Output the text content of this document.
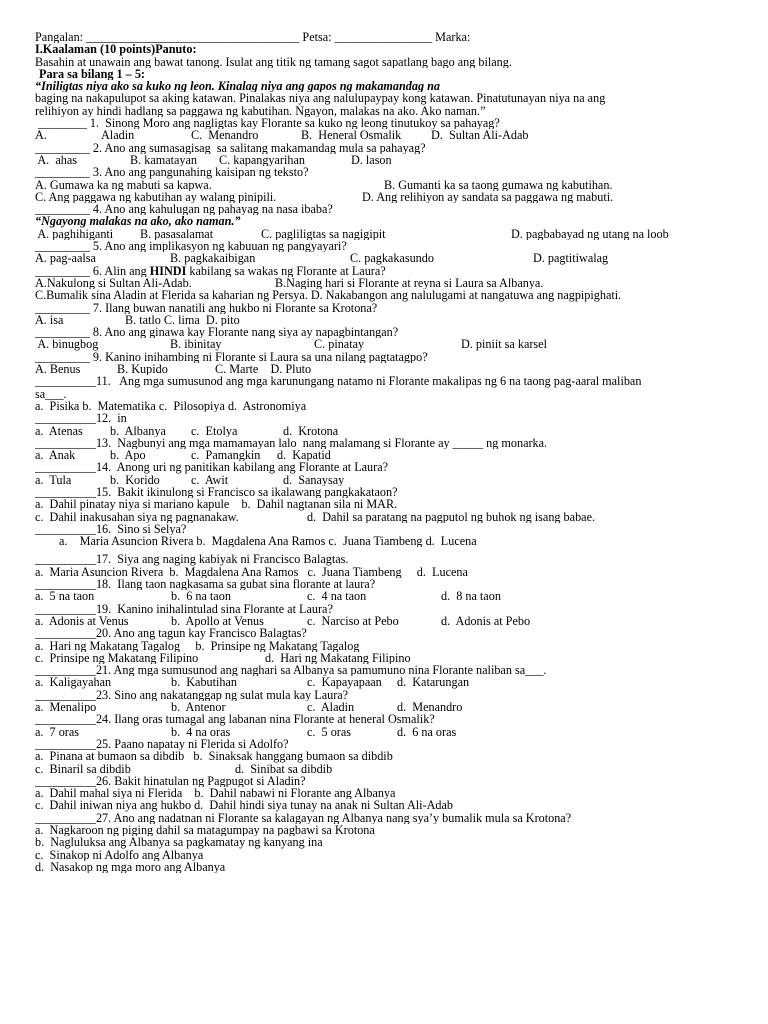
Pangalan: ___________________________________ Petsa: ________________ Marka:
I.Kaalaman (10 points)Panuto:
Basahin at unawain ang bawat tanong. Isulat ang titik ng tamang sagot sapatlang bago ang bilang.
Para sa bilang 1 – 5:
“Iniligtas niya ako sa kuko ng leon. Kinalag niya ang gapos ng makamandag na
baging na nakapulupot sa aking katawan. Pinalakas niya ang nalulupaypay kong katawan. Pinatutunayan niya na ang
relihiyon ay hindi hadlang sa paggawa ng kabutihan. Ngayon, malakas na ako. Ako naman.”
________ 1.  Sinong Moro ang nagligtas kay Florante sa kuko ng leong tinutukoy sa pahayag?
A.	Aladin	C.  Menandro	B.  Heneral Osmalik	D.  Sultan Ali-Adab
_________ 2. Ano ang sumasagisag  sa salitang makamandag mula sa pahayag?
A.  ahas	B. kamatayan	C. kapangyarihan	D. lason
_________ 3. Ano ang pangunahing kaisipan ng teksto?
A. Gumawa ka ng mabuti sa kapwa.	B. Gumanti ka sa taong gumawa ng kabutihan.
C. Ang paggawa ng kabutihan ay walang pinipili.	D. Ang relihiyon ay sandata sa paggawa ng mabuti.
_________ 4. Ano ang kahulugan ng pahayag na nasa ibaba?
“Ngayong malakas na ako, ako naman.”
A. paghihiganti	B. pasasalamat	C. pagliligtas sa nagigipit	D. pagbabayad ng utang na loob
_________ 5. Ano ang implikasyon ng kabuuan ng pangyayari?
A. pag-aalsa	B. pagkakaibigan	C. pagkakasundo	D. pagtitiwalag
_________ 6. Alin ang HINDI kabilang sa wakas ng Florante at Laura?
A.Nakulong si Sultan Ali-Adab.	B.Naging hari si Florante at reyna si Laura sa Albanya.
C.Bumalik sina Aladin at Flerida sa kaharian ng Persya. D. Nakabangon ang nalulugami at nangatuwa ang nagpipighati.
_________ 7. Ilang buwan nanatili ang hukbo ni Florante sa Krotona?
A. isa	B. tatlo C. lima  D. pito
_________ 8. Ano ang ginawa kay Florante nang siya ay napagbintangan?
A. binugbog	B. ibinitay	C. pinatay	D. piniit sa karsel
_________ 9. Kanino inihambing ni Florante si Laura sa una nilang pagtatagpo?
A. Benus	B. Kupido	C. Marte    D. Pluto
__________11.   Ang mga sumusunod ang mga karunungang natamo ni Florante makalipas ng 6 na taong pag-aaral maliban
sa___.
a.  Pisika b.  Matematika c.  Pilosopiya d.  Astronomiya
__________12.  in
a.  Atenas	b.  Albanya	c.  Etolya	d.  Krotona
__________13.  Nagbunyi ang mga mamamayan lalo  nang malamang si Florante ay _____ ng monarka.
a.  Anak	b.  Apo	c.  Pamangkin	d.  Kapatid
__________14.  Anong uri ng panitikan kabilang ang Florante at Laura?
a.  Tula	b.  Korido	c.  Awit	d.  Sanaysay
__________15.  Bakit ikinulong si Francisco sa ikalawang pangkakataon?
a.  Dahil pinatay niya si mariano kapule    b.  Dahil nagtanan sila ni MAR.
c.  Dahil inakusahan siya ng pagnanakaw.	d.  Dahil sa paratang na pagputol ng buhok ng isang babae.
__________16.  Sino si Selya?
a.    Maria Asuncion Rivera b.  Magdalena Ana Ramos c.  Juana Tiambeng d.  Lucena
__________17.  Siya ang naging kabiyak ni Francisco Balagtas.
a.  Maria Asuncion Rivera  b.  Magdalena Ana Ramos   c.  Juana Tiambeng     d.  Lucena
__________18.  Ilang taon nagkasama sa gubat sina florante at laura?
a.  5 na taon	b.  6 na taon	c.  4 na taon	d.  8 na taon
__________19.  Kanino inihalintulad sina Florante at Laura?
a.  Adonis at Venus	b.  Apollo at Venus	c.  Narciso at Pebo	d.  Adonis at Pebo
__________20. Ano ang tagun kay Francisco Balagtas?
a.  Hari ng Makatang Tagalog     b.  Prinsipe ng Makatang Tagalog
c.  Prinsipe ng Makatang Filipino	d.  Hari ng Makatang Filipino
__________21. Ang mga sumusunod ang naghari sa Albanya sa pamumuno nina Florante naliban sa___.
a.  Kaligayahan	b.  Kabutihan	c.  Kapayapaan	d.  Katarungan
__________23. Sino ang nakatanggap ng sulat mula kay Laura?
a.  Menalipo	b.  Antenor	c.  Aladin	d.  Menandro
__________24. Ilang oras tumagal ang labanan nina Florante at heneral Osmalik?
a.  7 oras	b.  4 na oras	c.  5 oras	d.  6 na oras
__________25. Paano napatay ni Flerida si Adolfo?
a.  Pinana at bumaon sa dibdib   b.  Sinaksak hanggang bumaon sa dibdib
c.  Binaril sa dibdib	d.  Sinibat sa dibdib
__________26. Bakit hinatulan ng Pagpugot si Aladin?
a.  Dahil mahal siya ni Flerida    b.  Dahil nabawi ni Florante ang Albanya
c.  Dahil iniwan niya ang hukbo d.  Dahil hindi siya tunay na anak ni Sultan Ali-Adab
__________27. Ano ang nadatnan ni Florante sa kalagayan ng Albanya nang sya’y bumalik mula sa Krotona?
a.  Nagkaroon ng piging dahil sa matagumpay na pagbawi sa Krotona
b.  Nagluluksa ang Albanya sa pagkamatay ng kanyang ina
c.  Sinakop ni Adolfo ang Albanya
d.  Nasakop ng mga moro ang Albanya
